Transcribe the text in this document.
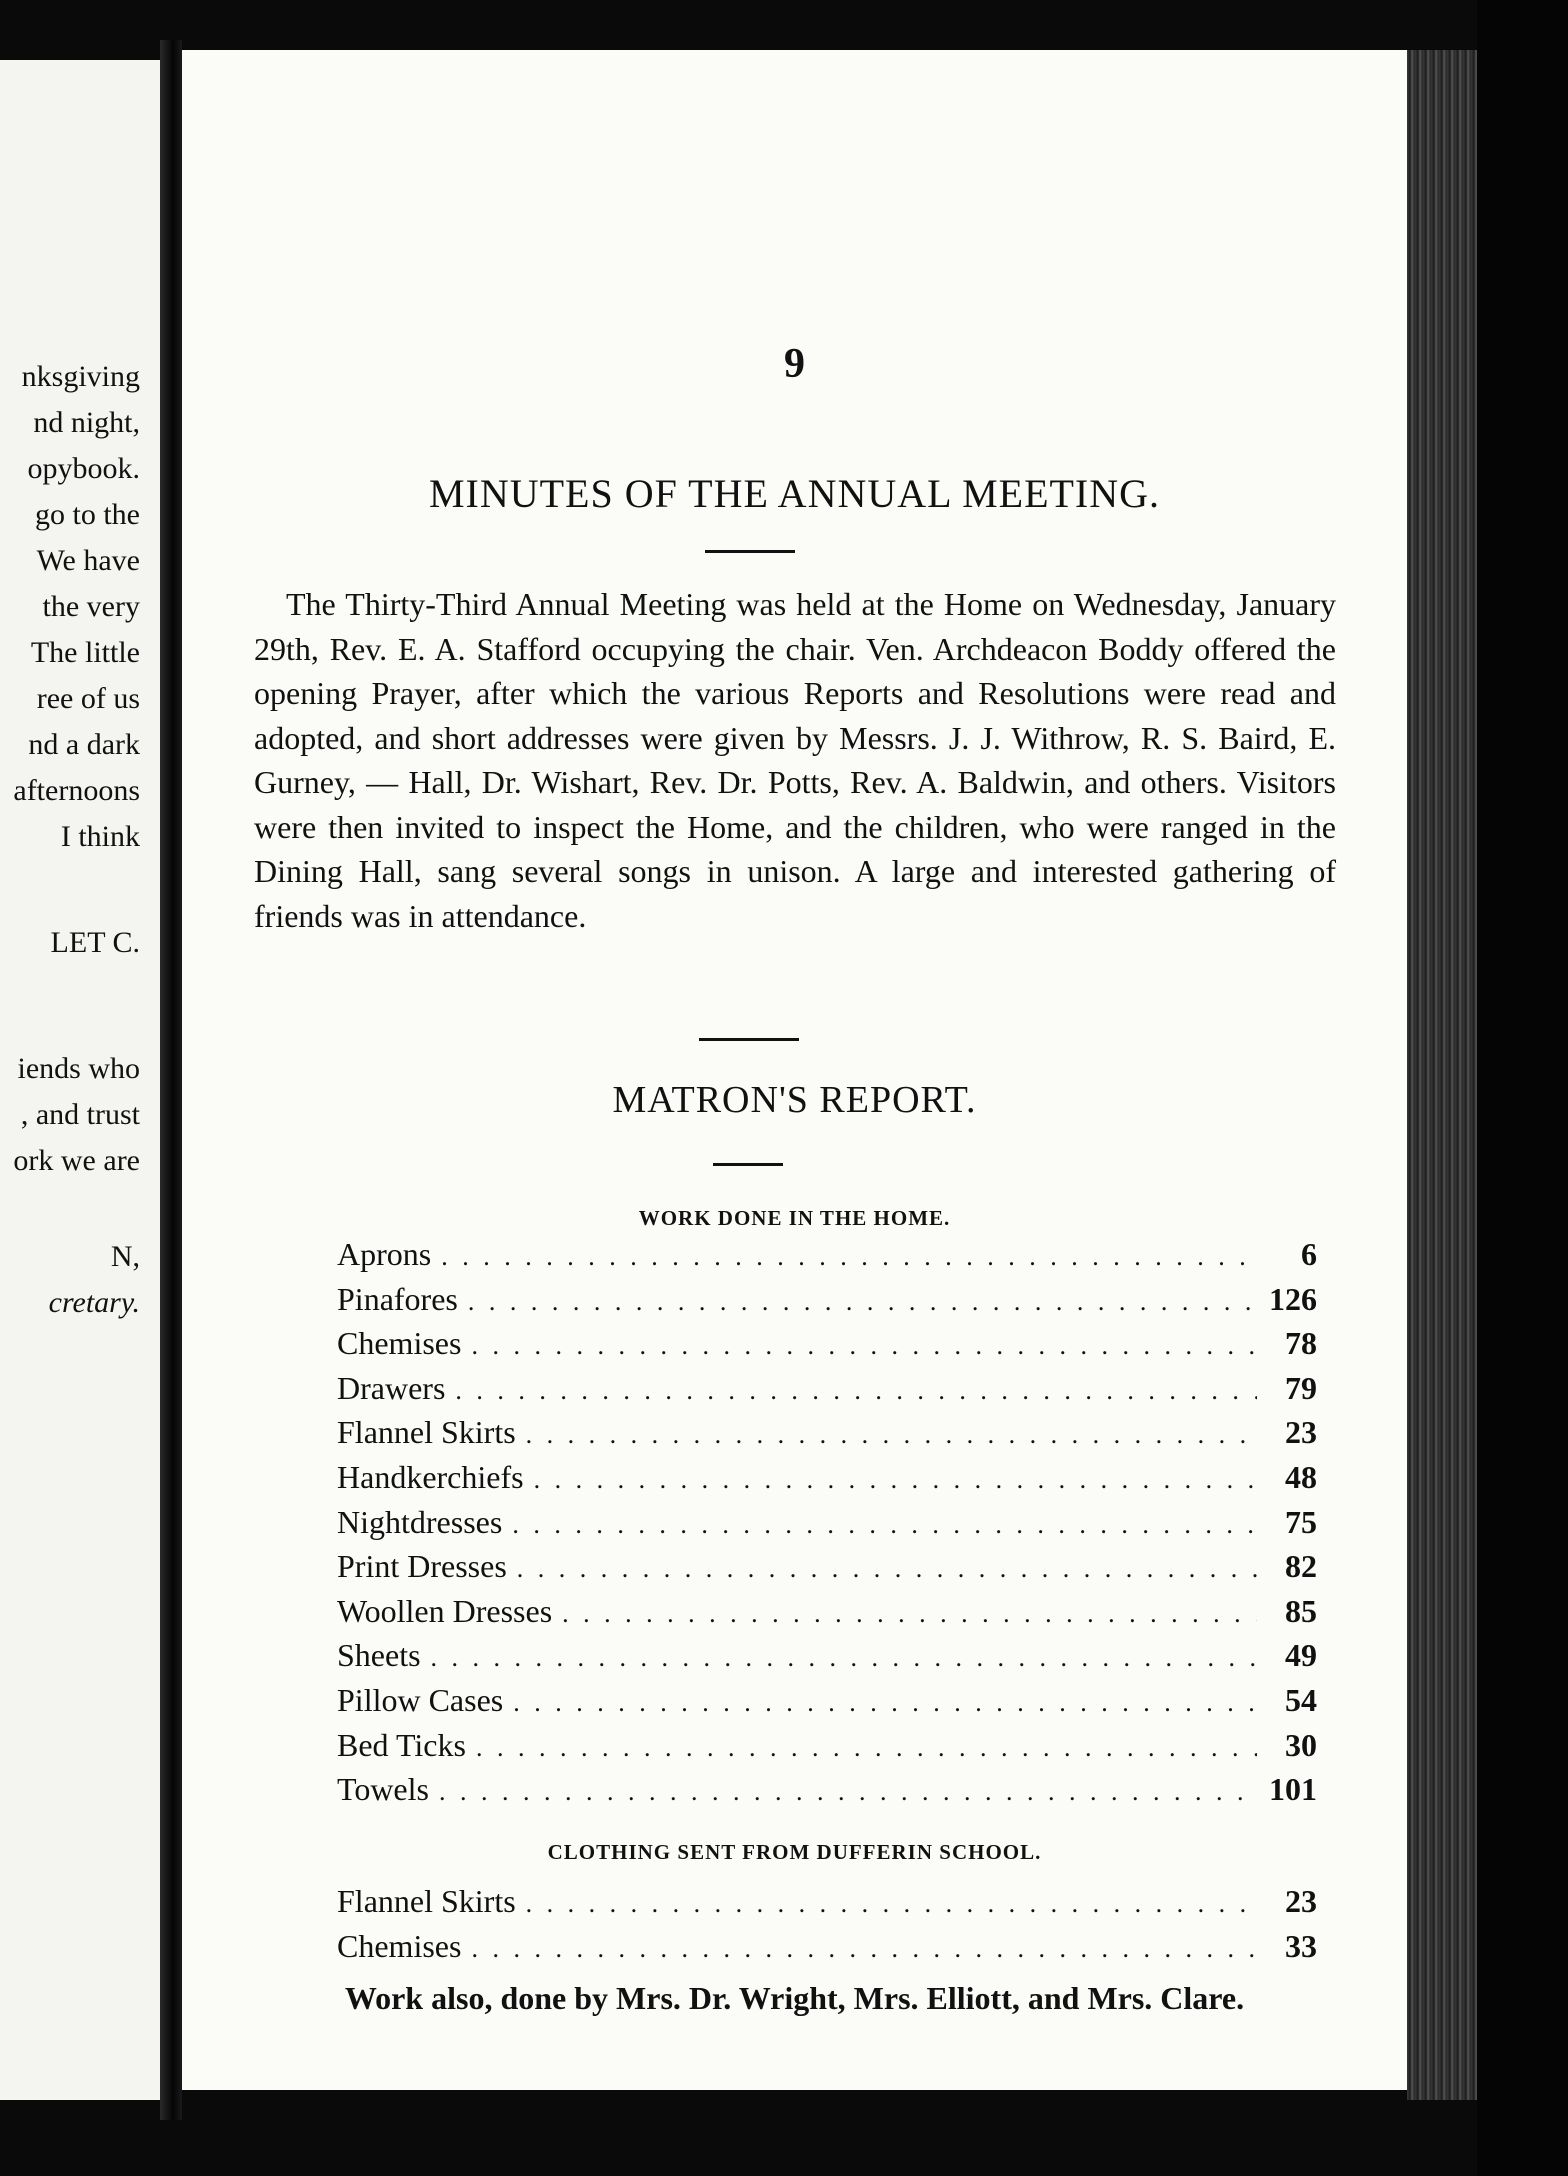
nksgiving
nd night,
opybook.
go to the
We have
the very
The little
ree of us
nd a dark
afternoons
I think
LET C.
iends who
, and trust
ork we are
N,
cretary.
9
MINUTES OF THE ANNUAL MEETING.

The Thirty-Third Annual Meeting was held at the Home on Wednesday, January 29th, Rev. E. A. Stafford occupying the chair. Ven. Archdeacon Boddy offered the opening Prayer, after which the various Reports and Resolutions were read and adopted, and short addresses were given by Messrs. J. J. Withrow, R. S. Baird, E. Gurney, — Hall, Dr. Wishart, Rev. Dr. Potts, Rev. A. Baldwin, and others. Visitors were then invited to inspect the Home, and the children, who were ranged in the Dining Hall, sang several songs in unison. A large and interested gathering of friends was in attendance.

MATRON'S REPORT.
WORK DONE IN THE HOME.
Aprons . . .	6
Pinafores . . .	126
Chemises . . .	78
Drawers . . .	79
Flannel Skirts . . .	23
Handkerchiefs . . .	48
Nightdresses . . .	75
Print Dresses . . .	82
Woollen Dresses . . .	85
Sheets . . .	49
Pillow Cases . . .	54
Bed Ticks . . .	30
Towels . . .	101
CLOTHING SENT FROM DUFFERIN SCHOOL.
Flannel Skirts . . .	23
Chemises . . .	33
Work also, done by Mrs. Dr. Wright, Mrs. Elliott, and Mrs. Clare.
